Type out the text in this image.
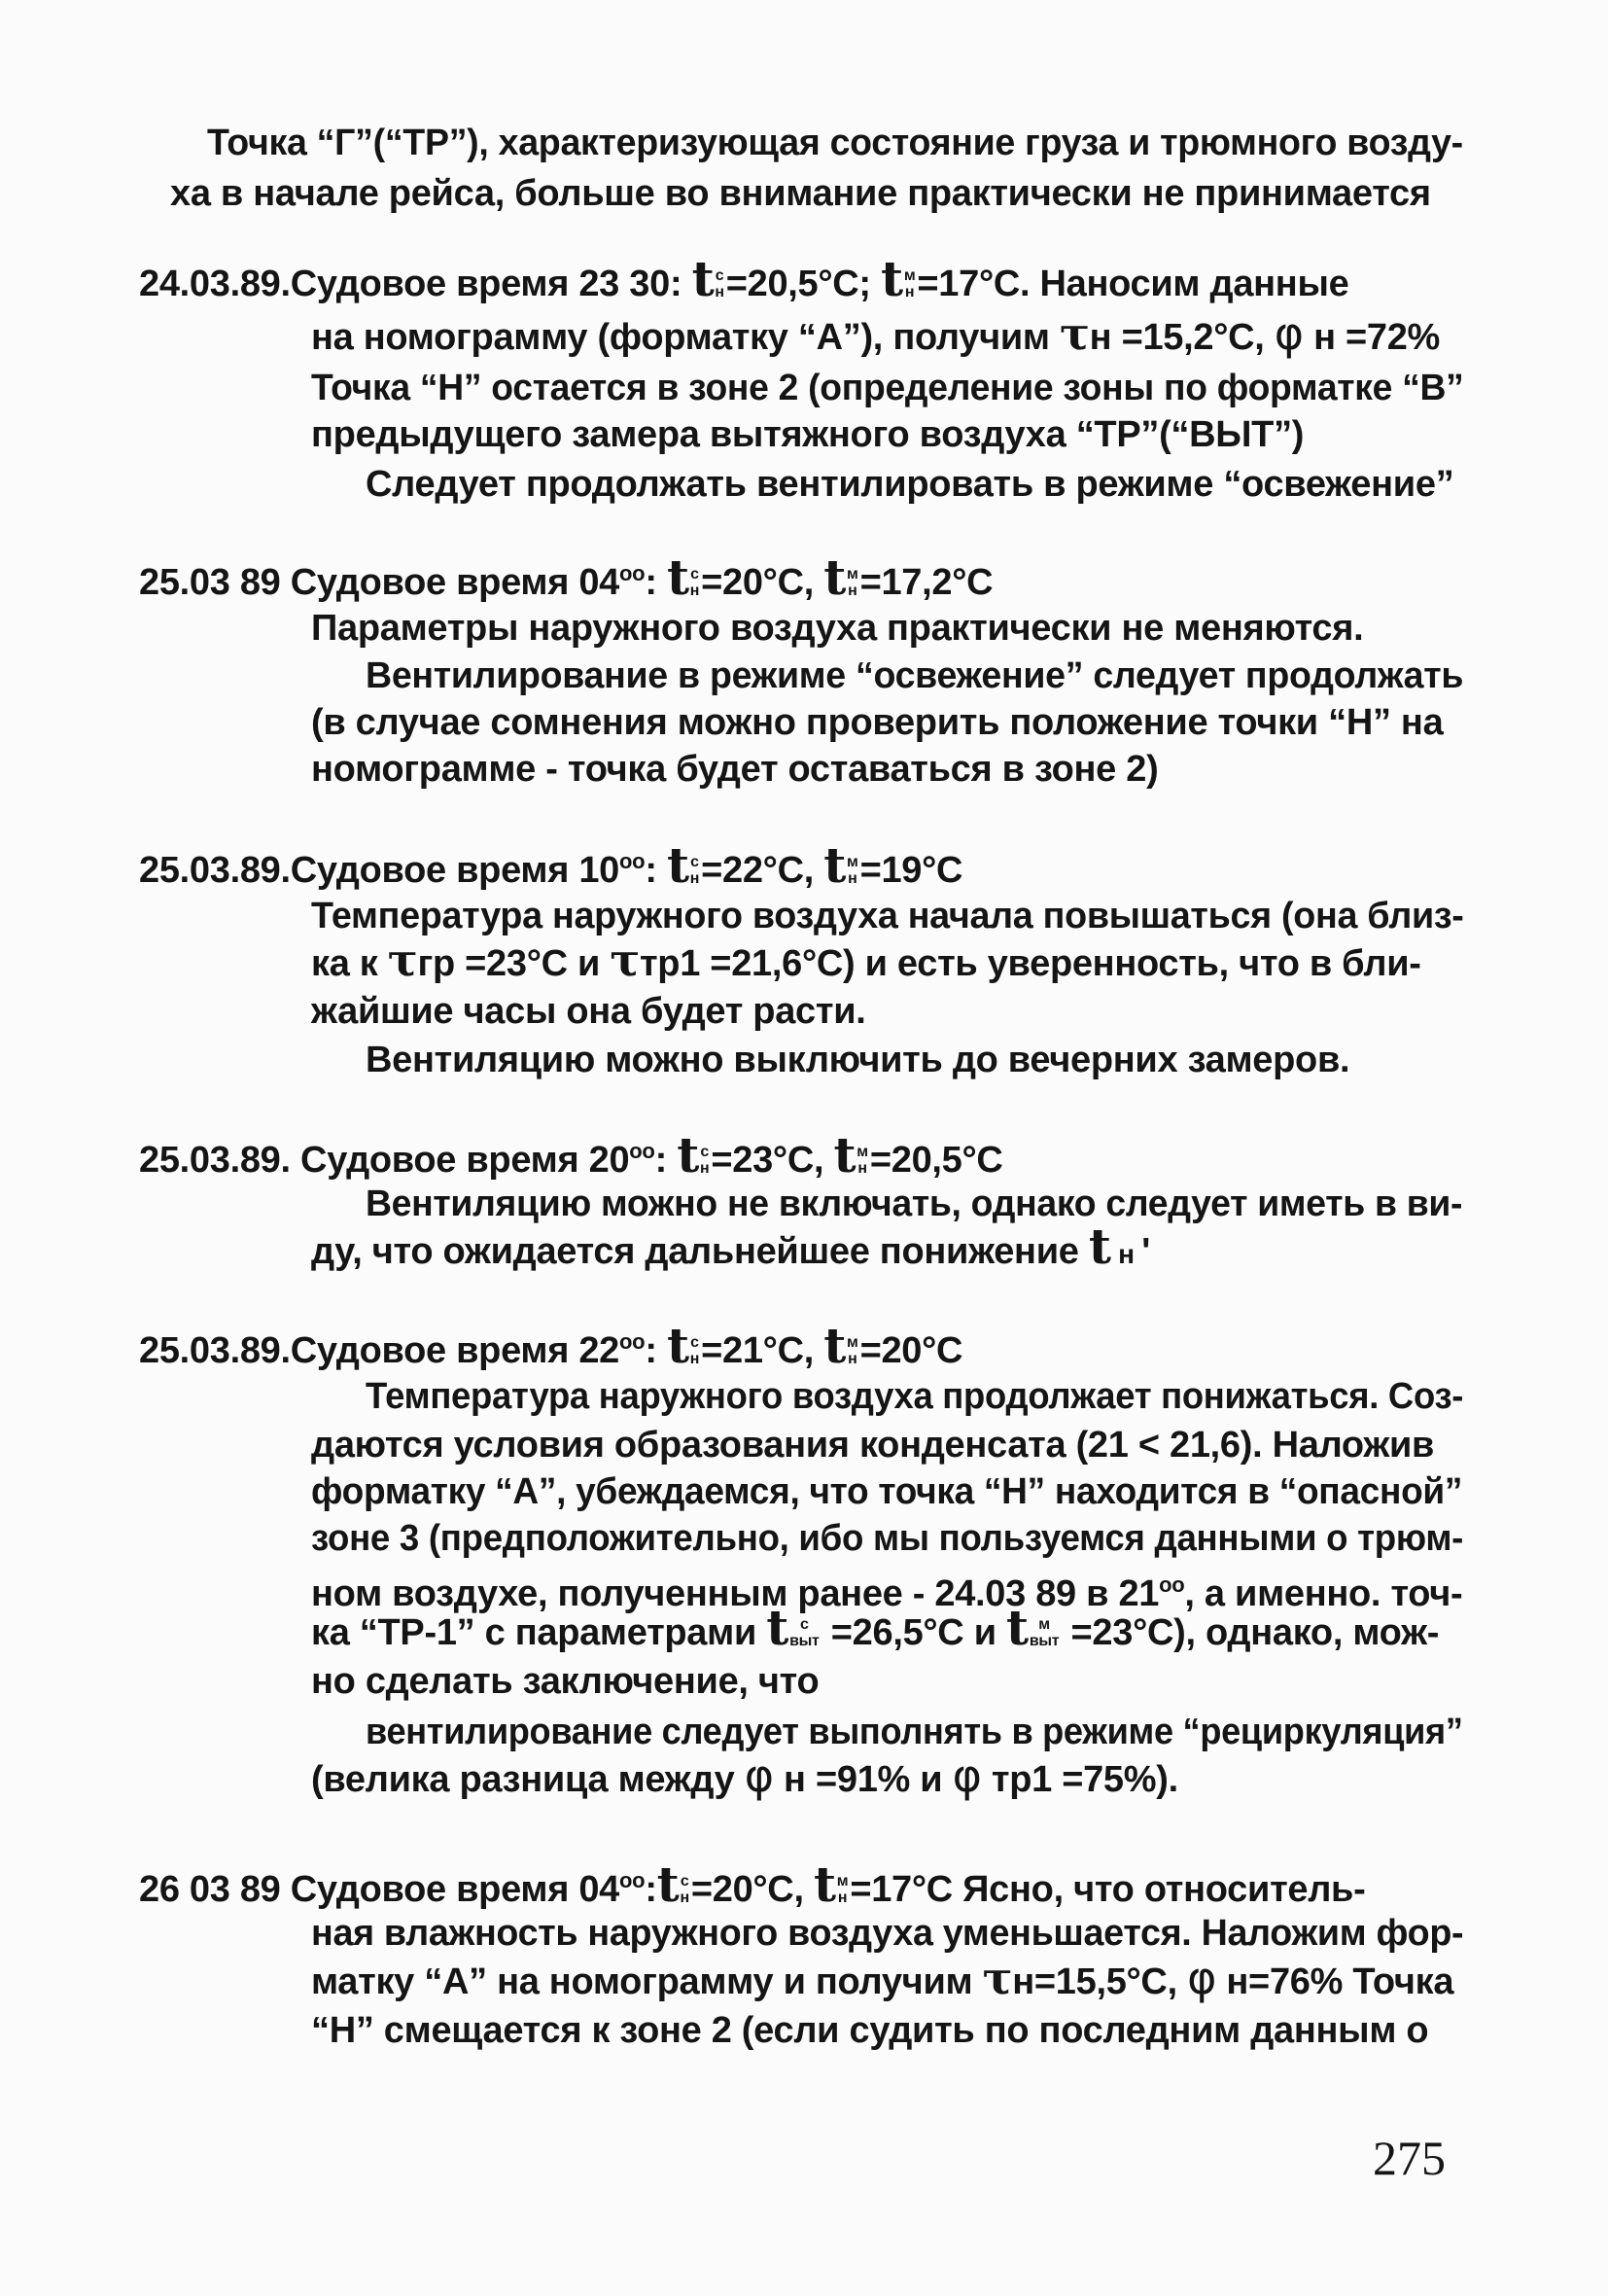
Точка “Г”(“ТР”), характеризующая состояние груза и трюмного возду-
ха в начале рейса, больше во внимание практически не принимается
24.03.89.Судовое время 23 30: t с
н =20,5°С; t м
н =17°С. Наносим данные
на номограмму (форматку “А”), получим τн =15,2°С, φ н =72%
Точка “Н” остается в зоне 2 (определение зоны по форматке “В”
предыдущего замера вытяжного воздуха “ТР”(“ВЫТ”)
Следует продолжать вентилировать в режиме “освежение”
25.03 89 Судовое время $04^{оо}$: t с
н =20°С, t м
н =17,2°С
Параметры наружного воздуха практически не меняются.
Вентилирование в режиме “освежение” следует продолжать
(в случае сомнения можно проверить положение точки “Н” на
номограмме - точка будет оставаться в зоне 2)
25.03.89.Судовое время $10^{оо}$: t с
н =22°С, t м
н =19°С
Температура наружного воздуха начала повышаться (она близ-
ка к τгр =23°С и τтр1 =21,6°С) и есть уверенность, что в бли-
жайшие часы она будет расти.
Вентиляцию можно выключить до вечерних замеров.
25.03.89. Судовое время $20^{оо}$: t с
н =23°С, t м
н =20,5°С
Вентиляцию можно не включать, однако следует иметь в ви-
ду, что ожидается дальнейшее понижение t н '
25.03.89.Судовое время $22^{оо}$: t с
н =21°С, t м
н =20°С
Температура наружного воздуха продолжает понижаться. Соз-
даются условия образования конденсата (21 < 21,6). Наложив
форматку “А”, убеждаемся, что точка “Н” находится в “опасной”
зоне 3 (предположительно, ибо мы пользуемся данными о трюм-
ном воздухе, полученным ранее - 24.03 89 в $21^{оо}$, а именно. точ-
ка “ТР-1” с параметрами t с
выт =26,5°С и t м
выт =23°С), однако, мож-
но сделать заключение, что
вентилирование следует выполнять в режиме “рециркуляция”
(велика разница между φ н =91% и φ тр1 =75%).
26 03 89 Судовое время $04^{оо}:t$ с
н =20°С, t м
н =17°С Ясно, что относитель-
ная влажность наружного воздуха уменьшается. Наложим фор-
матку “А” на номограмму и получим τн=15,5°С, φ н=76% Точка
“Н” смещается к зоне 2 (если судить по последним данным о
275
